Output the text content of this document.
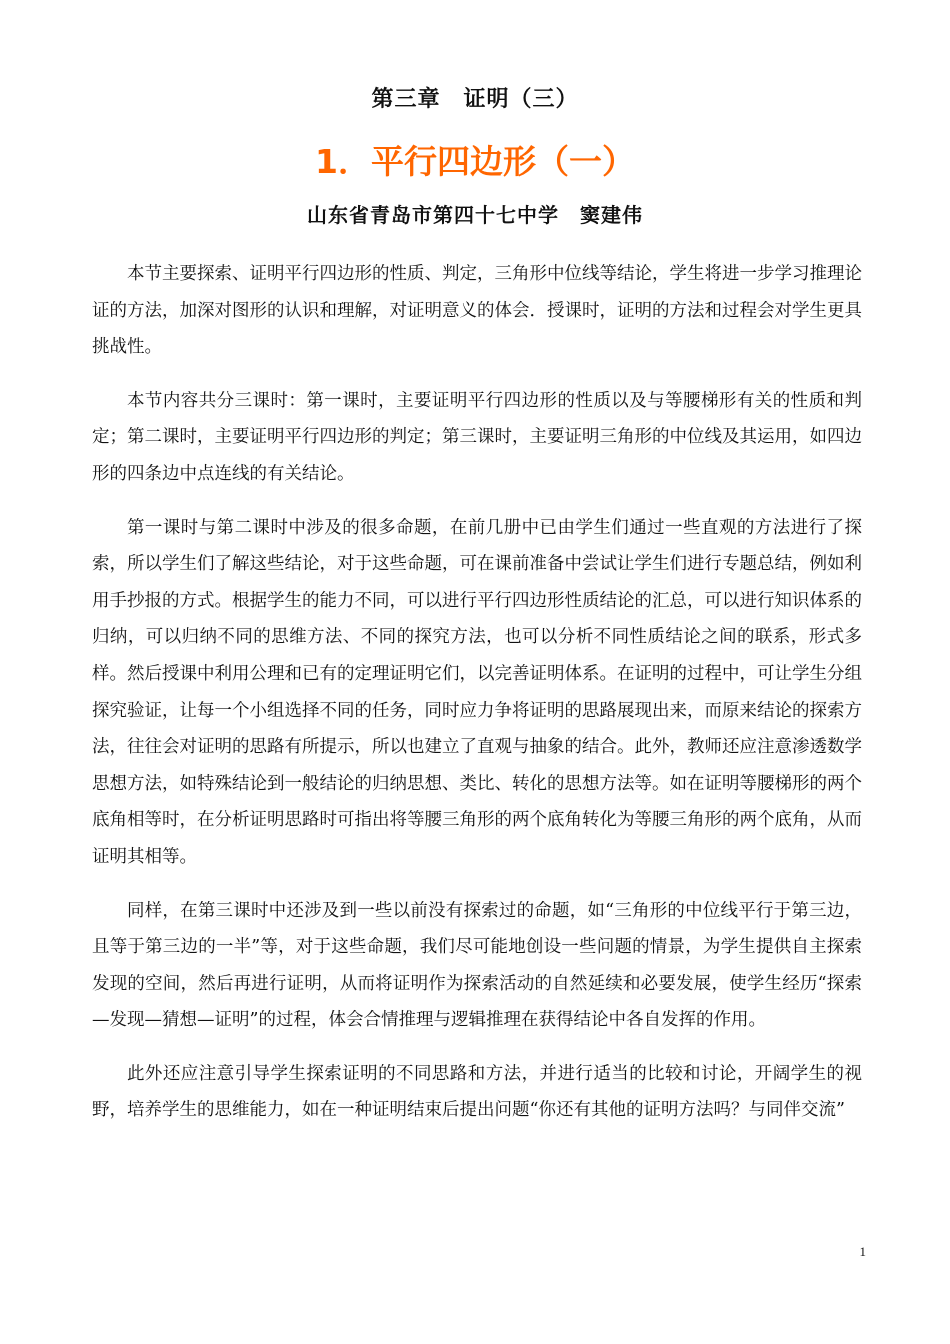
第三章　证明（三）
1．平行四边形（一）
山东省青岛市第四十七中学　窦建伟

本节主要探索、证明平行四边形的性质、判定，三角形中位线等结论，学生将进一步学习推理论证的方法，加深对图形的认识和理解，对证明意义的体会．授课时，证明的方法和过程会对学生更具挑战性。

本节内容共分三课时：第一课时，主要证明平行四边形的性质以及与等腰梯形有关的性质和判定；第二课时，主要证明平行四边形的判定；第三课时，主要证明三角形的中位线及其运用，如四边形的四条边中点连线的有关结论。

第一课时与第二课时中涉及的很多命题，在前几册中已由学生们通过一些直观的方法进行了探索，所以学生们了解这些结论，对于这些命题，可在课前准备中尝试让学生们进行专题总结，例如利用手抄报的方式。根据学生的能力不同，可以进行平行四边形性质结论的汇总，可以进行知识体系的归纳，可以归纳不同的思维方法、不同的探究方法，也可以分析不同性质结论之间的联系，形式多样。然后授课中利用公理和已有的定理证明它们，以完善证明体系。在证明的过程中，可让学生分组探究验证，让每一个小组选择不同的任务，同时应力争将证明的思路展现出来，而原来结论的探索方法，往往会对证明的思路有所提示，所以也建立了直观与抽象的结合。此外，教师还应注意渗透数学思想方法，如特殊结论到一般结论的归纳思想、类比、转化的思想方法等。如在证明等腰梯形的两个底角相等时，在分析证明思路时可指出将等腰三角形的两个底角转化为等腰三角形的两个底角，从而证明其相等。

同样，在第三课时中还涉及到一些以前没有探索过的命题，如“三角形的中位线平行于第三边，且等于第三边的一半”等，对于这些命题，我们尽可能地创设一些问题的情景，为学生提供自主探索发现的空间，然后再进行证明，从而将证明作为探索活动的自然延续和必要发展，使学生经历“探索—发现—猜想—证明”的过程，体会合情推理与逻辑推理在获得结论中各自发挥的作用。

此外还应注意引导学生探索证明的不同思路和方法，并进行适当的比较和讨论，开阔学生的视野，培养学生的思维能力，如在一种证明结束后提出问题“你还有其他的证明方法吗？与同伴交流”

1
